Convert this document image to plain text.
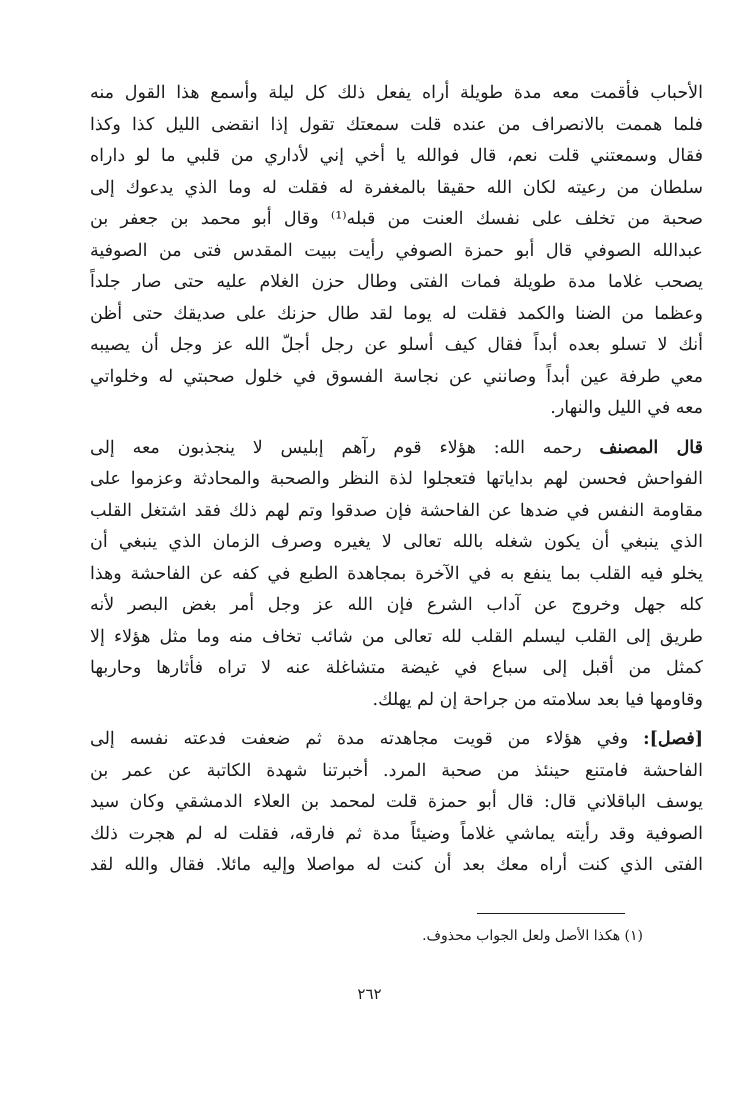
الأحباب فأقمت معه مدة طويلة أراه يفعل ذلك كل ليلة وأسمع هذا القول منه
فلما هممت بالانصراف من عنده قلت سمعتك تقول إذا انقضى الليل كذا وكذا
فقال وسمعتني قلت نعم، قال فوالله يا أخي إني لأداري من قلبي ما لو داراه
سلطان من رعيته لكان الله حقيقا بالمغفرة له فقلت له وما الذي يدعوك إلى
صحبة من تخلف على نفسك العنت من قبله⁽¹⁾ وقال أبو محمد بن جعفر بن
عبدالله الصوفي قال أبو حمزة الصوفي رأيت ببيت المقدس فتى من الصوفية
يصحب غلاما مدة طويلة فمات الفتى وطال حزن الغلام عليه حتى صار جلداً
وعظما من الضنا والكمد فقلت له يوما لقد طال حزنك على صديقك حتى أظن
أنك لا تسلو بعده أبداً فقال كيف أسلو عن رجل أجلّ الله عز وجل أن يصيبه
معي طرفة عين أبداً وصانني عن نجاسة الفسوق في خلول صحبتي له وخلواتي
معه في الليل والنهار.
قال المصنف رحمه الله: هؤلاء قوم رآهم إبليس لا ينجذبون معه إلى
الفواحش فحسن لهم بداياتها فتعجلوا لذة النظر والصحبة والمحادثة وعزموا على
مقاومة النفس في ضدها عن الفاحشة فإن صدقوا وتم لهم ذلك فقد اشتغل القلب
الذي ينبغي أن يكون شغله بالله تعالى لا يغيره وصرف الزمان الذي ينبغي أن
يخلو فيه القلب بما ينفع به في الآخرة بمجاهدة الطبع في كفه عن الفاحشة وهذا
كله جهل وخروج عن آداب الشرع فإن الله عز وجل أمر بغض البصر لأنه
طريق إلى القلب ليسلم القلب لله تعالى من شائب تخاف منه وما مثل هؤلاء إلا
كمثل من أقبل إلى سباع في غيضة متشاغلة عنه لا تراه فأثارها وحاربها
وقاومها فيا بعد سلامته من جراحة إن لم يهلك.
[فصل]: وفي هؤلاء من قويت مجاهدته مدة ثم ضعفت فدعته نفسه إلى
الفاحشة فامتنع حينئذ من صحبة المرد. أخبرتنا شهدة الكاتبة عن عمر بن
يوسف الباقلاني قال: قال أبو حمزة قلت لمحمد بن العلاء الدمشقي وكان سيد
الصوفية وقد رأيته يماشي غلاماً وضيئاً مدة ثم فارقه، فقلت له لم هجرت ذلك
الفتى الذي كنت أراه معك بعد أن كنت له مواصلا وإليه مائلا. فقال والله لقد
(١) هكذا الأصل ولعل الجواب محذوف.
٢٦٢
